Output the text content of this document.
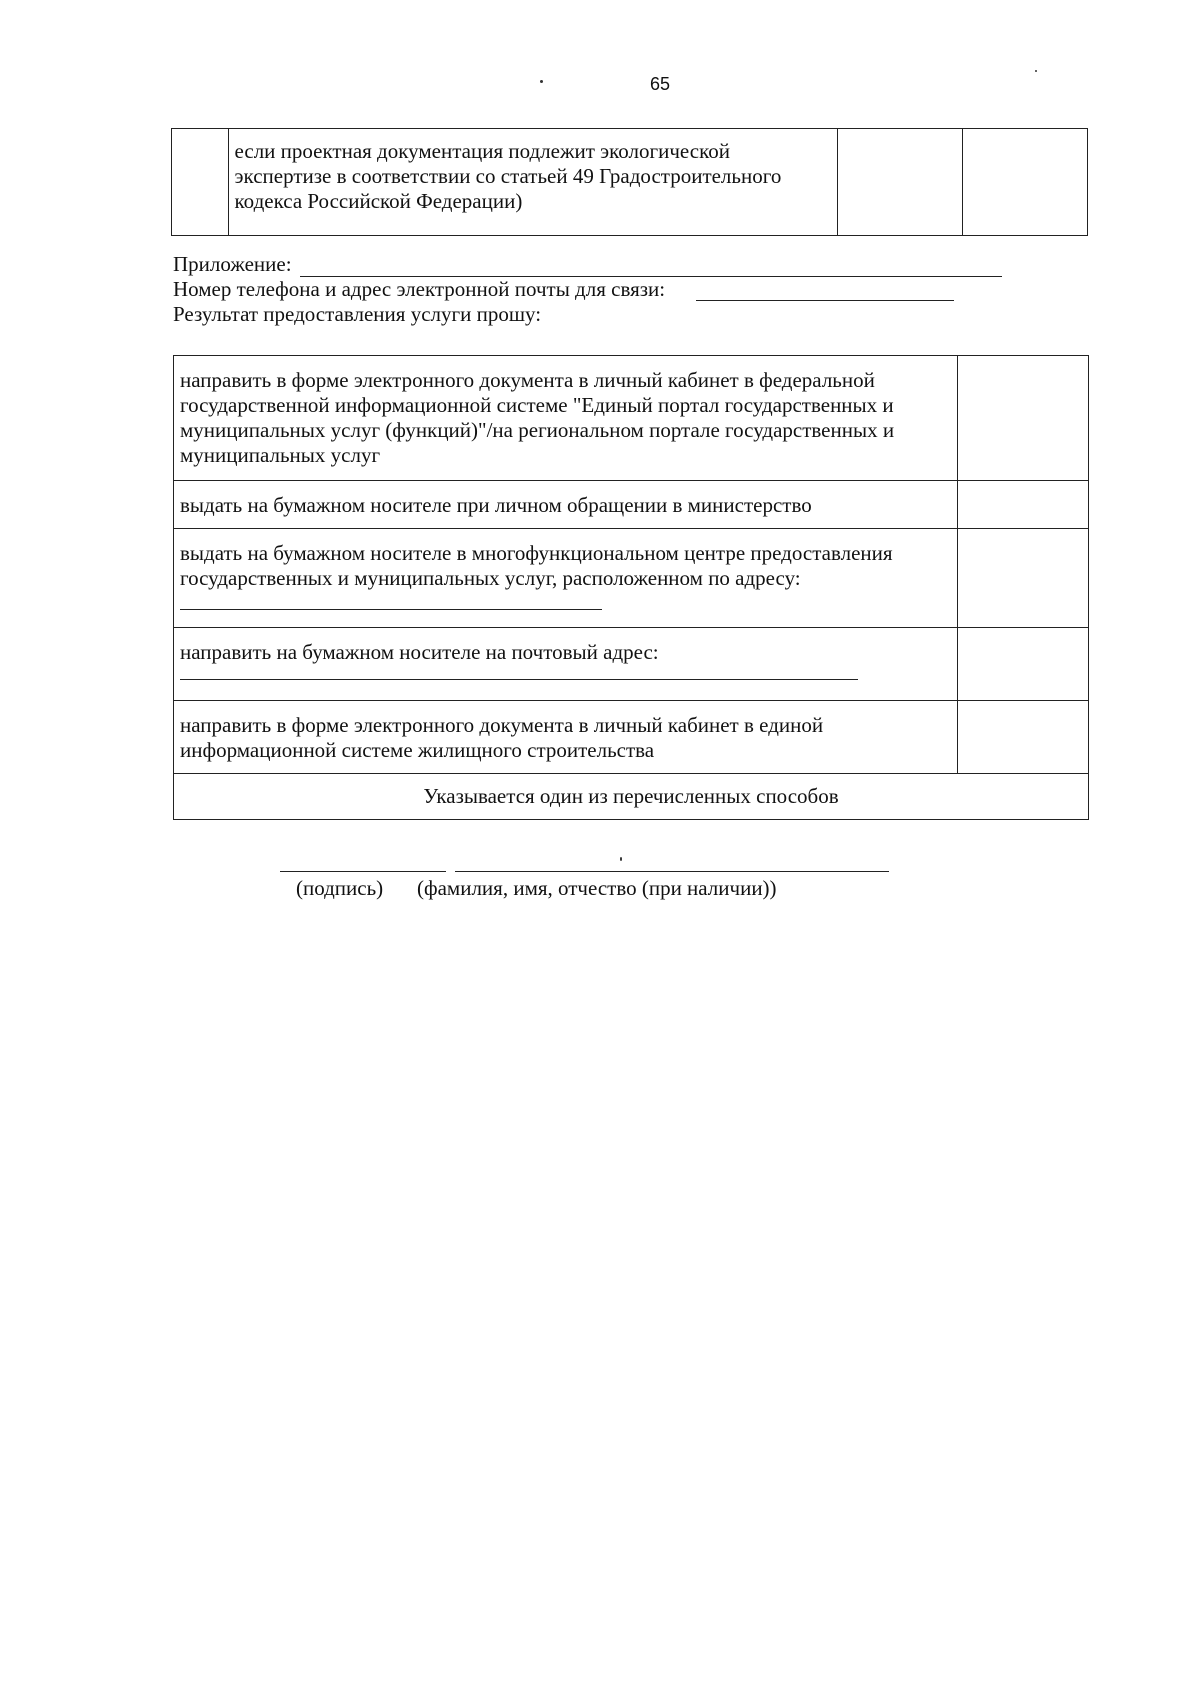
65
	если проектная документация подлежит экологической экспертизе в соответствии со статьей 49 Градостроительного кодекса Российской Федерации)		
Приложение:
Номер телефона и адрес электронной почты для связи:
Результат предоставления услуги прошу:
направить в форме электронного документа в личный кабинет в федеральной государственной информационной системе "Единый портал государственных и муниципальных услуг (функций)"/на региональном портале государственных и муниципальных услуг	
выдать на бумажном носителе при личном обращении в министерство	
выдать на бумажном носителе в многофункциональном центре предоставления государственных и муниципальных услуг, расположенном по адресу:	

направить на бумажном носителе на почтовый адрес:	

направить в форме электронного документа в личный кабинет в единой информационной системе жилищного строительства	
Указывается один из перечисленных способов	
(подпись) (фамилия, имя, отчество (при наличии))
